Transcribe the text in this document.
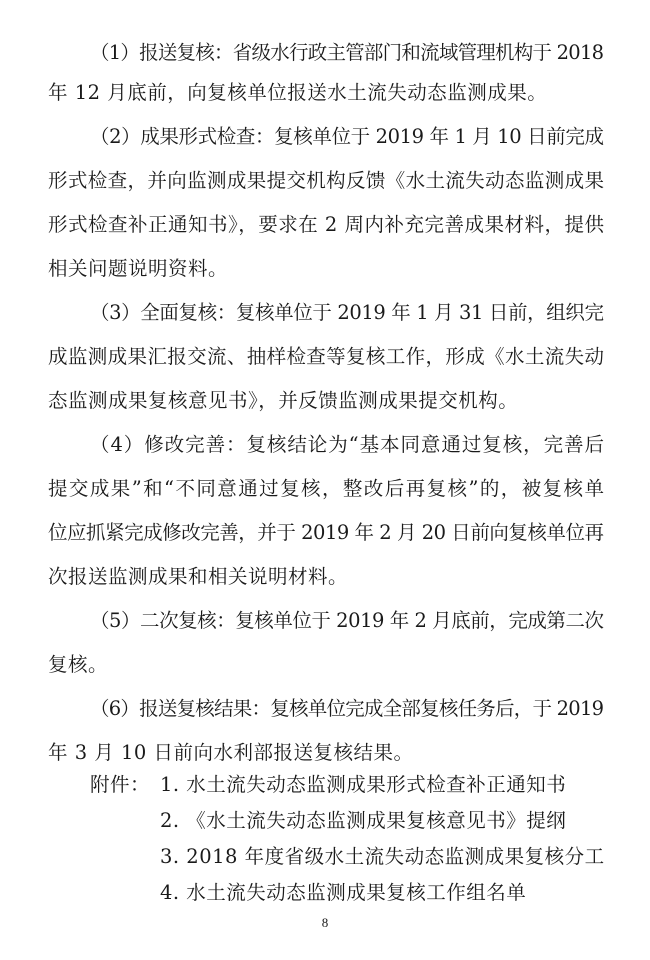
（1）报送复核：省级水行政主管部门和流域管理机构于 2018
年 12 月底前，向复核单位报送水土流失动态监测成果。
（2）成果形式检查：复核单位于 2019 年 1 月 10 日前完成
形式检查，并向监测成果提交机构反馈《水土流失动态监测成果
形式检查补正通知书》，要求在 2 周内补充完善成果材料，提供
相关问题说明资料。
（3）全面复核：复核单位于 2019 年 1 月 31 日前，组织完
成监测成果汇报交流、抽样检查等复核工作，形成《水土流失动
态监测成果复核意见书》，并反馈监测成果提交机构。
（4）修改完善：复核结论为“基本同意通过复核，完善后
提交成果”和“不同意通过复核，整改后再复核”的，被复核单
位应抓紧完成修改完善，并于 2019 年 2 月 20 日前向复核单位再
次报送监测成果和相关说明材料。
（5）二次复核：复核单位于 2019 年 2 月底前，完成第二次
复核。
（6）报送复核结果：复核单位完成全部复核任务后，于 2019
年 3 月 10 日前向水利部报送复核结果。
附件： 1. 水土流失动态监测成果形式检查补正通知书
2. 《水土流失动态监测成果复核意见书》提纲
3. 2018 年度省级水土流失动态监测成果复核分工
4. 水土流失动态监测成果复核工作组名单
8
